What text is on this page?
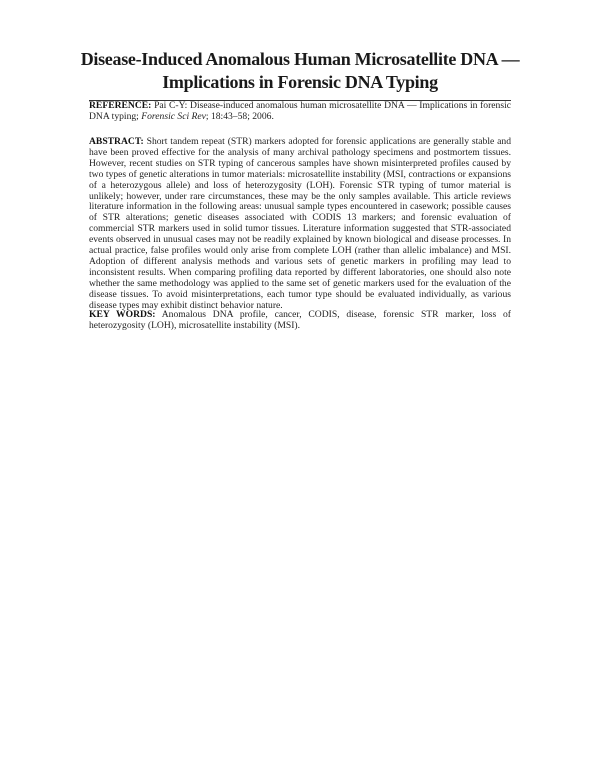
Disease-Induced Anomalous Human Microsatellite DNA —
Implications in Forensic DNA Typing

REFERENCE: Pai C-Y: Disease-induced anomalous human microsatellite DNA — Implications in forensic DNA typing; Forensic Sci Rev; 18:43–58; 2006.

ABSTRACT: Short tandem repeat (STR) markers adopted for forensic applications are generally stable and have been proved effective for the analysis of many archival pathology specimens and postmortem tissues. However, recent studies on STR typing of cancerous samples have shown misinterpreted profiles caused by two types of genetic alterations in tumor materials: microsatellite instability (MSI, contractions or expansions of a heterozygous allele) and loss of heterozygosity (LOH). Forensic STR typing of tumor material is unlikely; however, under rare circumstances, these may be the only samples available. This article reviews literature information in the following areas: unusual sample types encountered in casework; possible causes of STR alterations; genetic diseases associated with CODIS 13 markers; and forensic evaluation of commercial STR markers used in solid tumor tissues. Literature information suggested that STR-associated events observed in unusual cases may not be readily explained by known biological and disease processes. In actual practice, false profiles would only arise from complete LOH (rather than allelic imbalance) and MSI. Adoption of different analysis methods and various sets of genetic markers in profiling may lead to inconsistent results. When comparing profiling data reported by different laboratories, one should also note whether the same methodology was applied to the same set of genetic markers used for the evaluation of the disease tissues. To avoid misinterpretations, each tumor type should be evaluated individually, as various disease types may exhibit distinct behavior nature.

KEY WORDS: Anomalous DNA profile, cancer, CODIS, disease, forensic STR marker, loss of heterozygosity (LOH), microsatellite instability (MSI).
